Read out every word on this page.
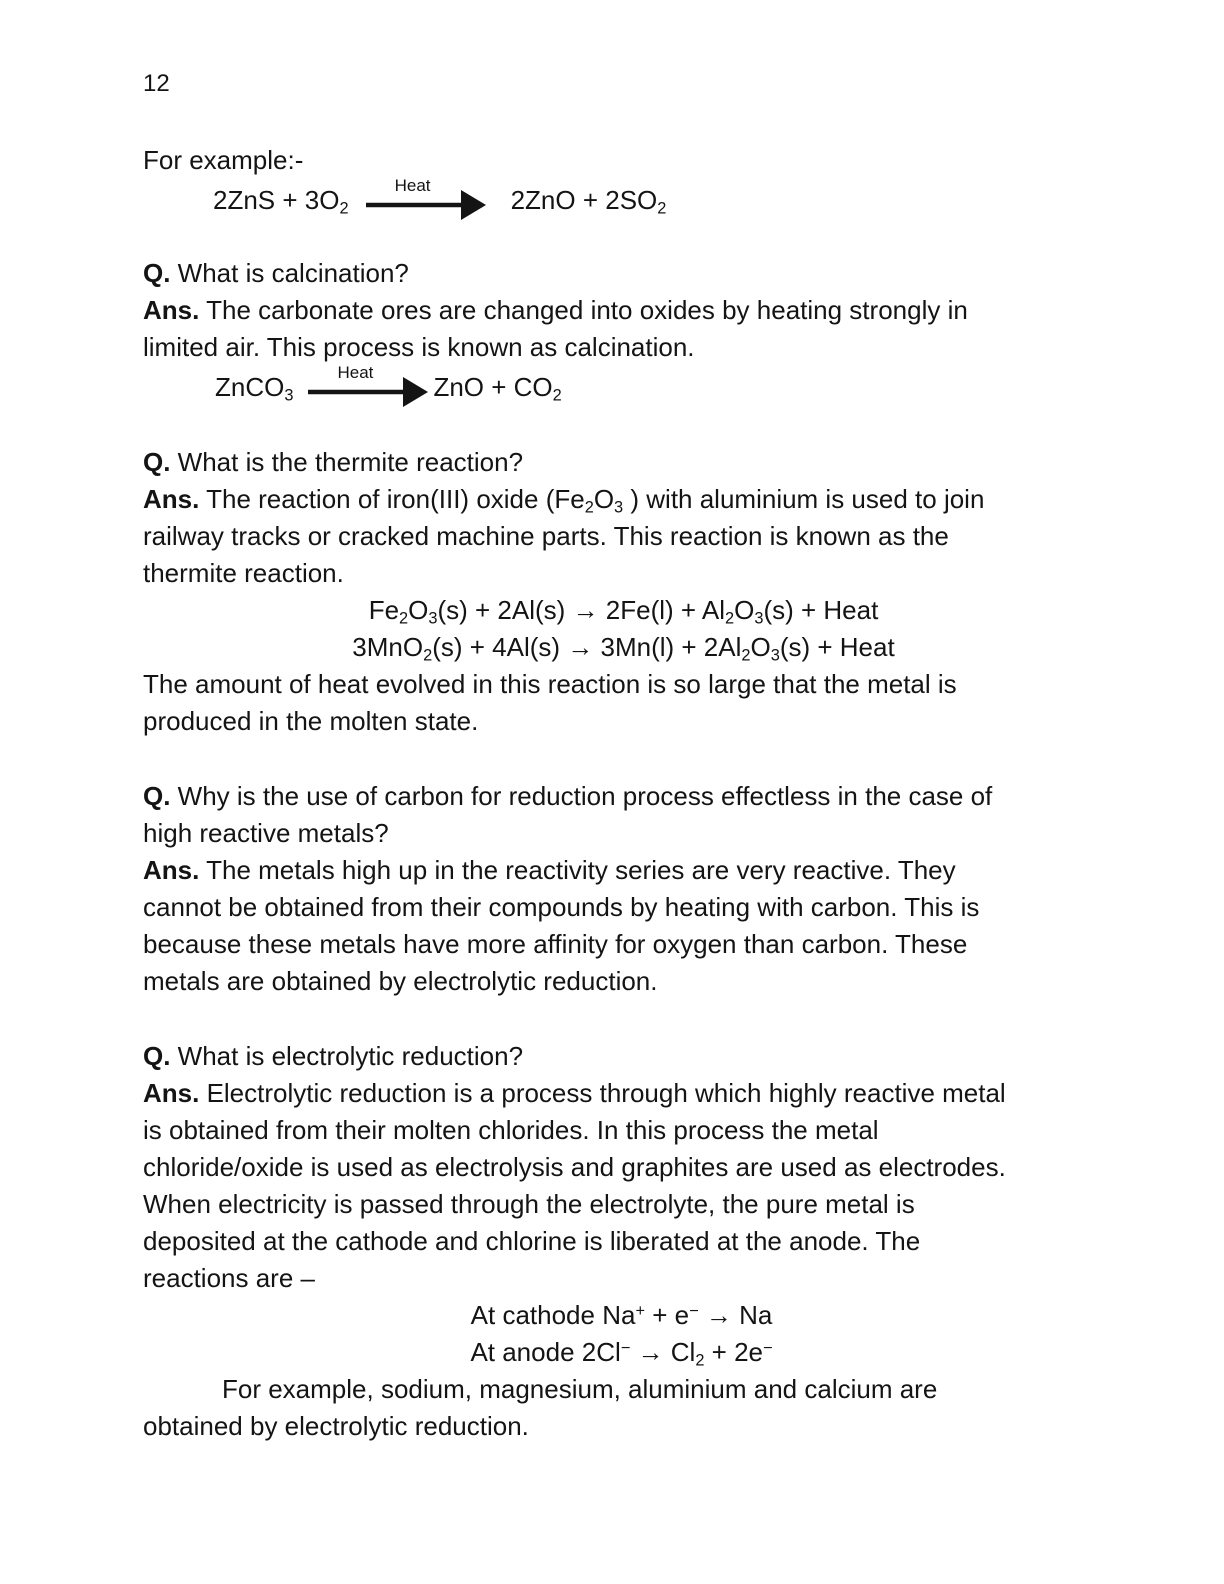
12
For example:-
$2ZnS + 3O_2$
Heat	$2ZnO + 2SO_2$
Q. What is calcination?
Ans. The carbonate ores are changed into oxides by heating strongly in
limited air. This process is known as calcination.
ZnCO$_3$
Heat	ZnO + $CO_2$
Q. What is the thermite reaction?
Ans. The reaction of iron(III) oxide ($Fe_2O_3$ ) with aluminium is used to join
railway tracks or cracked machine parts. This reaction is known as the
thermite reaction.
$Fe_2O_3(s) + 2Al(s) \to 2Fe(l) + Al_2O_3(s)$ + Heat
$3MnO_2(s) + 4Al(s) \to 3Mn(l) + 2Al_2O_3(s)$ + Heat
The amount of heat evolved in this reaction is so large that the metal is
produced in the molten state.
Q. Why is the use of carbon for reduction process effectless in the case of
high reactive metals?
Ans. The metals high up in the reactivity series are very reactive. They
cannot be obtained from their compounds by heating with carbon. This is
because these metals have more affinity for oxygen than carbon. These
metals are obtained by electrolytic reduction.
Q. What is electrolytic reduction?
Ans. Electrolytic reduction is a process through which highly reactive metal
is obtained from their molten chlorides. In this process the metal
chloride/oxide is used as electrolysis and graphites are used as electrodes.
When electricity is passed through the electrolyte, the pure metal is
deposited at the cathode and chlorine is liberated at the anode. The
reactions are –
At cathode Na+ + e− → Na
At anode $2Cl^- \to Cl_2 + 2e^-$
For example, sodium, magnesium, aluminium and calcium are
obtained by electrolytic reduction.
